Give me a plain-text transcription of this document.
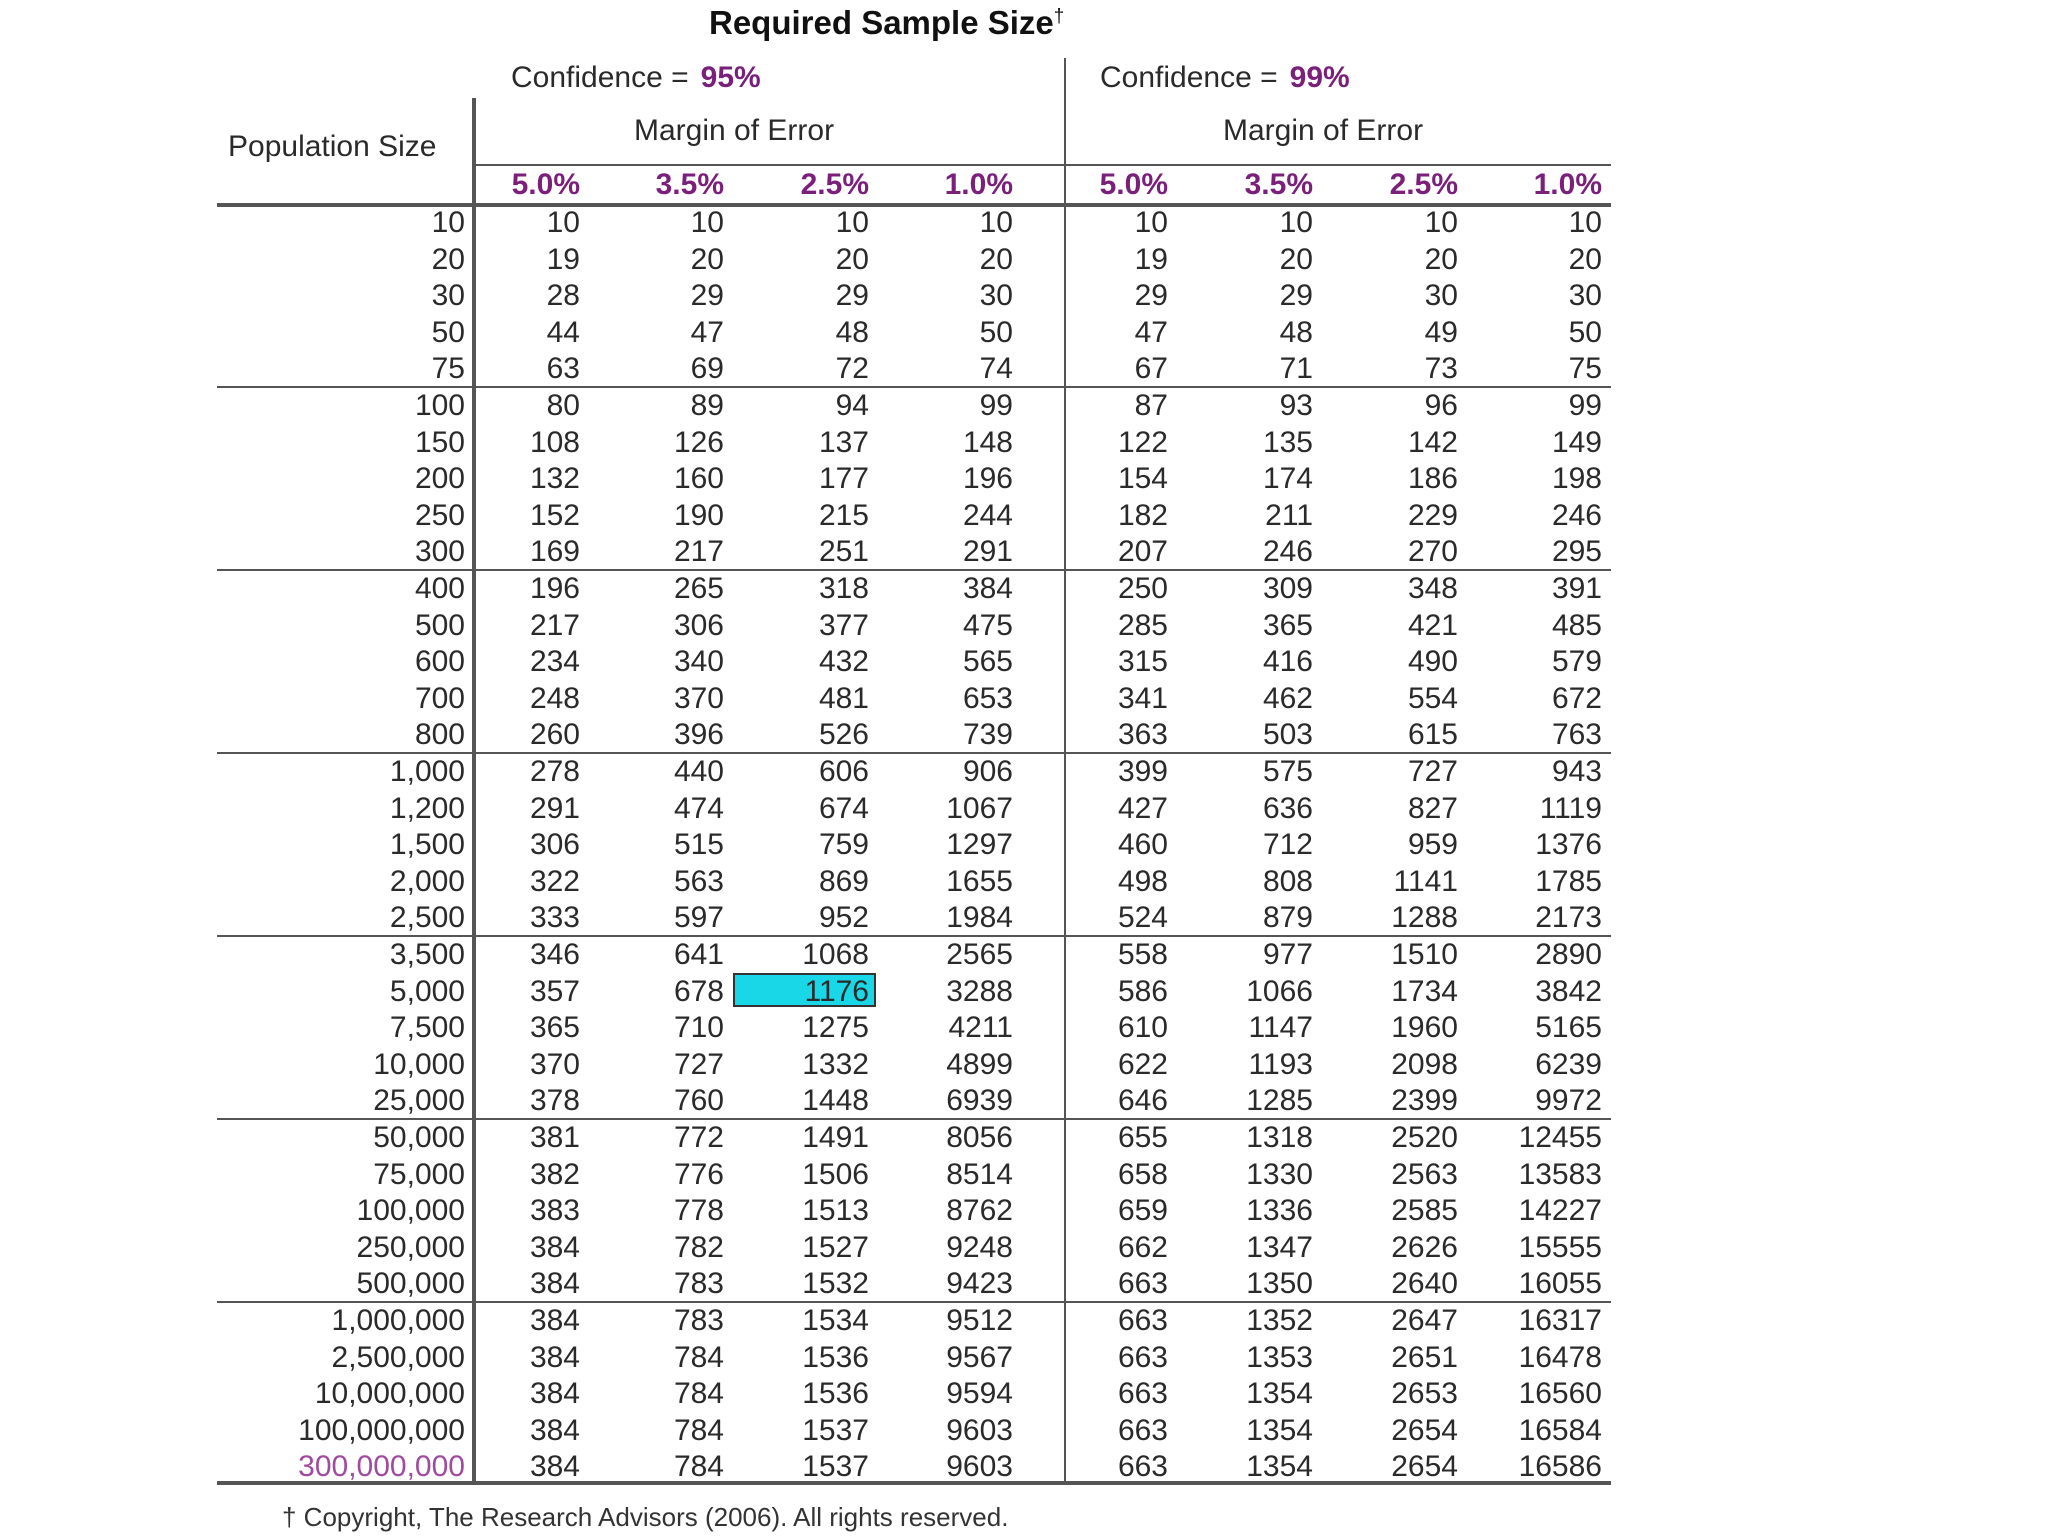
Required Sample Size†
Confidence = 95%	Confidence = 99%
Margin of Error	Margin of Error
Population Size
5.0%	3.5%	2.5%	1.0%	5.0%	3.5%	2.5%	1.0%
10	10	10	10	10	10	10	10	10
20	19	20	20	20	19	20	20	20
30	28	29	29	30	29	29	30	30
50	44	47	48	50	47	48	49	50
75	63	69	72	74	67	71	73	75
100	80	89	94	99	87	93	96	99
150	108	126	137	148	122	135	142	149
200	132	160	177	196	154	174	186	198
250	152	190	215	244	182	211	229	246
300	169	217	251	291	207	246	270	295
400	196	265	318	384	250	309	348	391
500	217	306	377	475	285	365	421	485
600	234	340	432	565	315	416	490	579
700	248	370	481	653	341	462	554	672
800	260	396	526	739	363	503	615	763
1,000	278	440	606	906	399	575	727	943
1,200	291	474	674	1067	427	636	827	1119
1,500	306	515	759	1297	460	712	959	1376
2,000	322	563	869	1655	498	808	1141	1785
2,500	333	597	952	1984	524	879	1288	2173
3,500	346	641	1068	2565	558	977	1510	2890
5,000	357	678	1176	3288	586	1066	1734	3842
7,500	365	710	1275	4211	610	1147	1960	5165
10,000	370	727	1332	4899	622	1193	2098	6239
25,000	378	760	1448	6939	646	1285	2399	9972
50,000	381	772	1491	8056	655	1318	2520	12455
75,000	382	776	1506	8514	658	1330	2563	13583
100,000	383	778	1513	8762	659	1336	2585	14227
250,000	384	782	1527	9248	662	1347	2626	15555
500,000	384	783	1532	9423	663	1350	2640	16055
1,000,000	384	783	1534	9512	663	1352	2647	16317
2,500,000	384	784	1536	9567	663	1353	2651	16478
10,000,000	384	784	1536	9594	663	1354	2653	16560
100,000,000	384	784	1537	9603	663	1354	2654	16584
300,000,000	384	784	1537	9603	663	1354	2654	16586
† Copyright, The Research Advisors (2006). All rights reserved.
